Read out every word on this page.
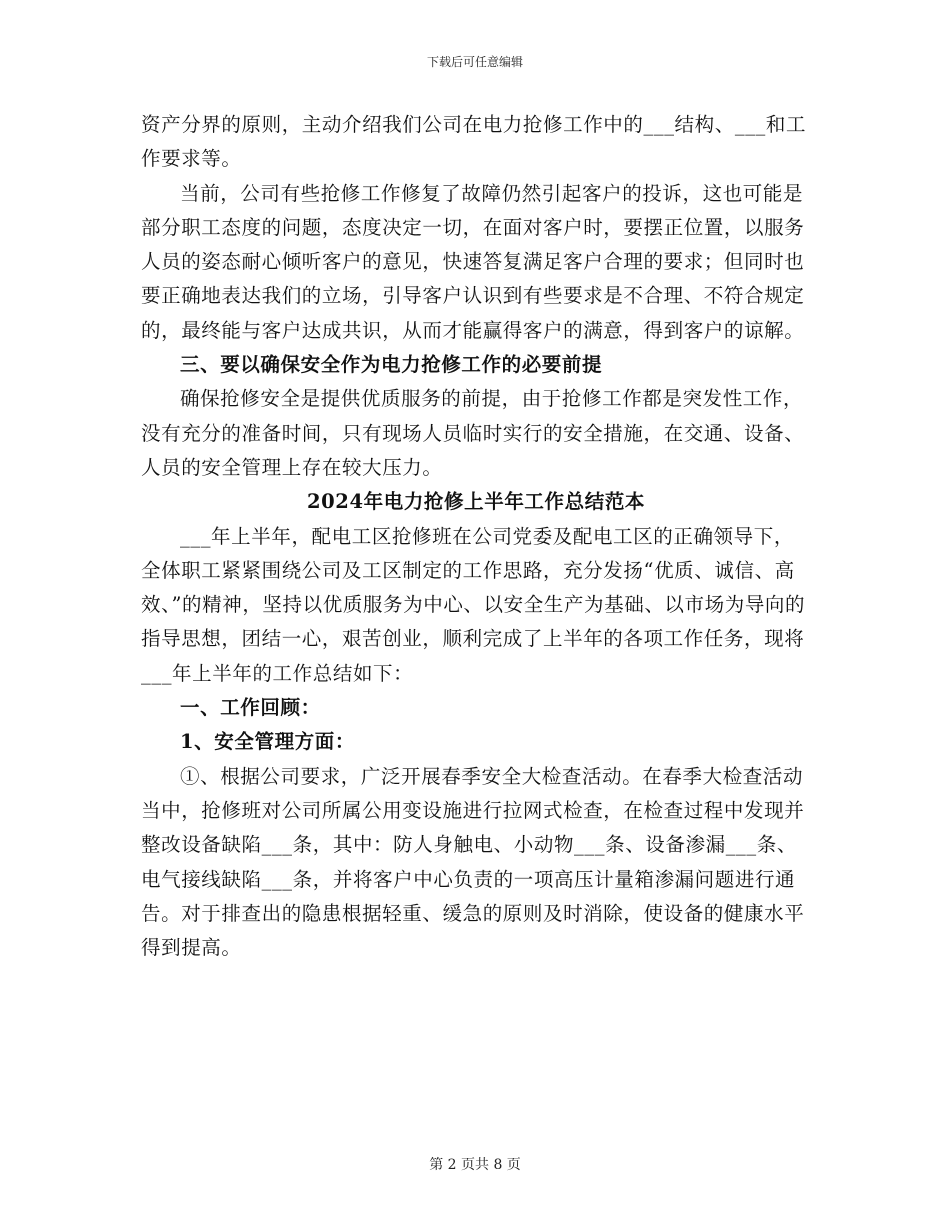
下载后可任意编辑

资产分界的原则，主动介绍我们公司在电力抢修工作中的___结构、___和工作要求等。

当前，公司有些抢修工作修复了故障仍然引起客户的投诉，这也可能是部分职工态度的问题，态度决定一切，在面对客户时，要摆正位置，以服务人员的姿态耐心倾听客户的意见，快速答复满足客户合理的要求；但同时也要正确地表达我们的立场，引导客户认识到有些要求是不合理、不符合规定的，最终能与客户达成共识，从而才能赢得客户的满意，得到客户的谅解。

三、要以确保安全作为电力抢修工作的必要前提

确保抢修安全是提供优质服务的前提，由于抢修工作都是突发性工作，没有充分的准备时间，只有现场人员临时实行的安全措施，在交通、设备、人员的安全管理上存在较大压力。

2024年电力抢修上半年工作总结范本

___年上半年，配电工区抢修班在公司党委及配电工区的正确领导下，全体职工紧紧围绕公司及工区制定的工作思路，充分发扬“优质、诚信、高效、”的精神，坚持以优质服务为中心、以安全生产为基础、以市场为导向的指导思想，团结一心，艰苦创业，顺利完成了上半年的各项工作任务，现将___年上半年的工作总结如下：

一、工作回顾：

1、安全管理方面：

①、根据公司要求，广泛开展春季安全大检查活动。在春季大检查活动当中，抢修班对公司所属公用变设施进行拉网式检查，在检查过程中发现并整改设备缺陷___条，其中：防人身触电、小动物___条、设备渗漏___条、电气接线缺陷___条，并将客户中心负责的一项高压计量箱渗漏问题进行通告。对于排查出的隐患根据轻重、缓急的原则及时消除，使设备的健康水平得到提高。

第 2 页共 8 页
